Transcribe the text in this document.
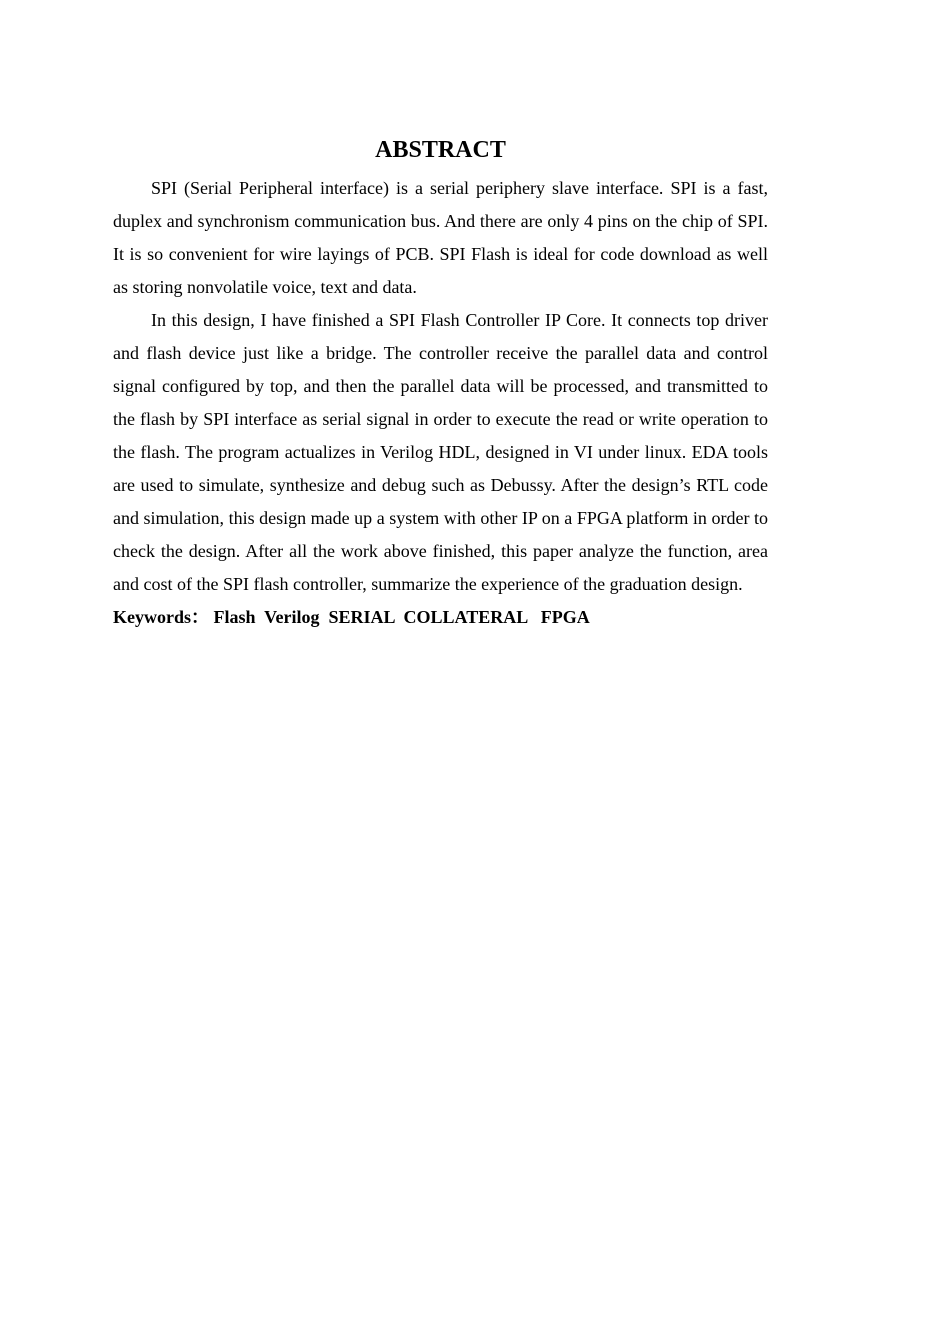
ABSTRACT

SPI (Serial Peripheral interface) is a serial periphery slave interface. SPI is a fast, duplex and synchronism communication bus. And there are only 4 pins on the chip of SPI. It is so convenient for wire layings of PCB. SPI Flash is ideal for code download as well as storing nonvolatile voice, text and data.

In this design, I have finished a SPI Flash Controller IP Core. It connects top driver and flash device just like a bridge. The controller receive the parallel data and control signal configured by top, and then the parallel data will be processed, and transmitted to the flash by SPI interface as serial signal in order to execute the read or write operation to the flash. The program actualizes in Verilog HDL, designed in VI under linux. EDA tools are used to simulate, synthesize and debug such as Debussy. After the design’s RTL code and simulation, this design made up a system with other IP on a FPGA platform in order to check the design. After all the work above finished, this paper analyze the function, area and cost of the SPI flash controller, summarize the experience of the graduation design.

Keywords： Flash  Verilog  SERIAL  COLLATERAL   FPGA
